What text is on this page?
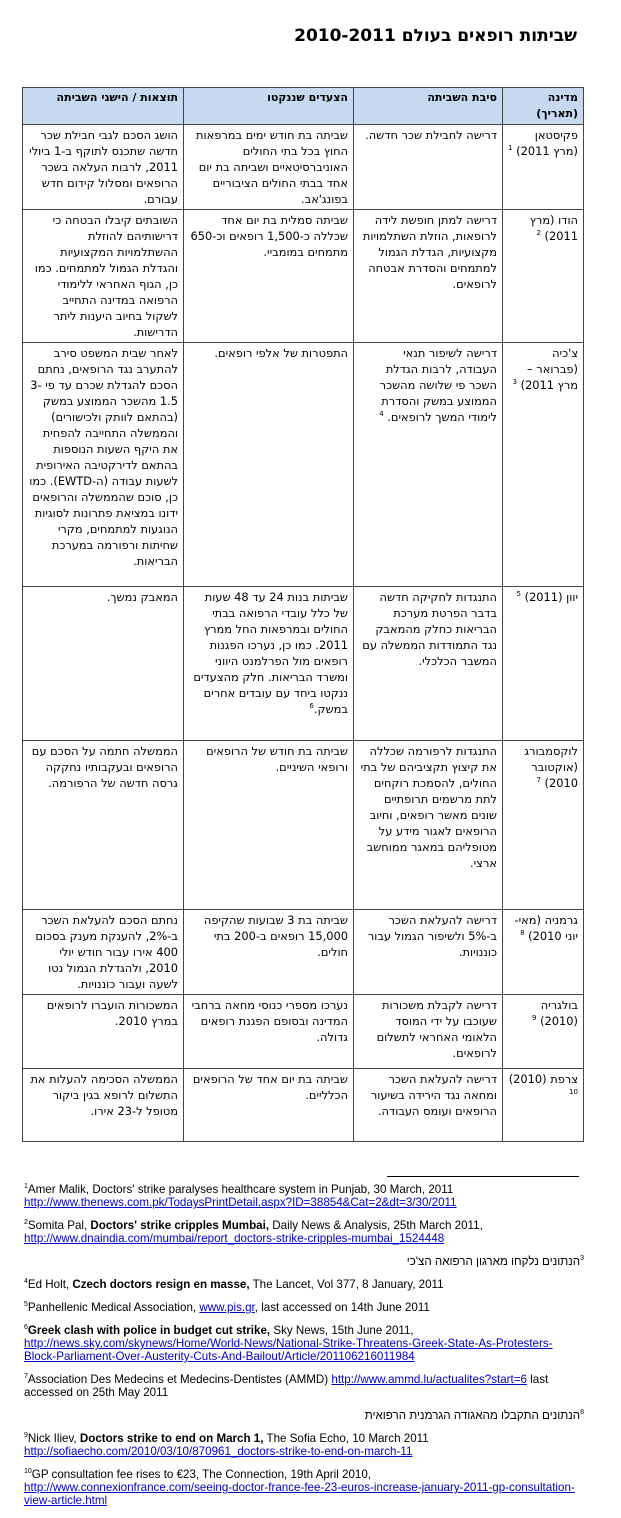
שביתות רופאים בעולם 2010-2011
מדינה (תאריך)	סיבת השביתה	הצעדים שננקטו	תוצאות / הישגי השביתה
פקיסטאן (מרץ 2011) $^1$	דרישה לחבילת שכר חדשה.	שביתה בת חודש ימים במרפאות החוץ בכל בתי החולים האוניברסיטאיים ושביתה בת יום אחד בבתי החולים הציבוריים בפונג'אב.	הושג הסכם לגבי חבילת שכר חדשה שתכנס לתוקף ב-1 ביולי 2011, לרבות העלאה בשכר הרופאים ומסלול קידום חדש עבורם.
הודו (מרץ 2011) $^2$	דרישה למתן חופשת לידה לרופאות, הוזלת השתלמויות מקצועיות, הגדלת הגמול למתמחים והסדרת אבטחה לרופאים.	שביתה סמלית בת יום אחד שכללה כ-1,500 רופאים וכ-650 מתמחים במומביי.	השובתים קיבלו הבטחה כי דרישותיהם להוזלת ההשתלמויות המקצועיות והגדלת הגמול למתמחים. כמו כן, הגוף האחראי ללימודי הרפואה במדינה התחייב לשקול בחיוב היענות ליתר הדרישות.
צ'כיה (פברואר – מרץ 2011) $^3$	דרישה לשיפור תנאי העבודה, לרבות הגדלת השכר פי שלושה מהשכר הממוצע במשק והסדרת לימודי המשך לרופאים. $^4$	התפטרות של אלפי רופאים.	לאחר שבית המשפט סירב להתערב נגד הרופאים, נחתם הסכם להגדלת שכרם עד פי 3-1.5 מהשכר הממוצע במשק (בהתאם לוותק ולכישורים) והממשלה התחייבה להפחית את היקף השעות הנוספות בהתאם לדירקטיבה האירופית לשעות עבודה (ה-EWTD). כמו כן, סוכם שהממשלה והרופאים ידונו במציאת פתרונות לסוגיות הנוגעות למתמחים, מקרי שחיתות ורפורמה במערכת הבריאות.
יוון (2011) $^5$	התנגדות לחקיקה חדשה בדבר הפרטת מערכת הבריאות כחלק מהמאבק נגד התמודדות הממשלה עם המשבר הכלכלי.	שביתות בנות 24 עד 48 שעות של כלל עובדי הרפואה בבתי החולים ובמרפאות החל ממרץ 2011. כמו כן, נערכו הפגנות רופאים מול הפרלמנט היווני ומשרד הבריאות. חלק מהצעדים ננקטו ביחד עם עובדים אחרים במשק.$^6$	המאבק נמשך.
לוקסמבורג (אוקטובר 2010) $^7$	התנגדות לרפורמה שכללה את קיצוץ תקציביהם של בתי החולים, להסמכת רוקחים לתת מרשמים תרופתיים שונים מאשר רופאים, וחיוב הרופאים לאגור מידע על מטופליהם במאגר ממוחשב ארצי.	שביתה בת חודש של הרופאים ורופאי השיניים.	הממשלה חתמה על הסכם עם הרופאים ובעקבותיו נחקקה גרסה חדשה של הרפורמה.
גרמניה (מאי- יוני 2010) $^8$	דרישה להעלאת השכר ב-5% ולשיפור הגמול עבור כוננויות.	שביתה בת 3 שבועות שהקיפה 15,000 רופאים ב-200 בתי חולים.	נחתם הסכם להעלאת השכר ב-2%, להענקת מענק בסכום 400 אירו עבור חודש יולי 2010, ולהגדלת הגמול נטו לשעה ועבור כוננויות.
בולגריה (2010) $^9$	דרישה לקבלת משכורות שעוכבו על ידי המוסד הלאומי האחראי לתשלום לרופאים.	נערכו מספרי כנוסי מחאה ברחבי המדינה ובסופם הפגנת רופאים גדולה.	המשכורות הועברו לרופאים במרץ 2010.
צרפת (2010) $^{10}$	דרישה להעלאת השכר ומחאה נגד הירידה בשיעור הרופאים ועומס העבודה.	שביתה בת יום אחד של הרופאים הכלליים.	הממשלה הסכימה להעלות את התשלום לרופא בגין ביקור מטופל ל-23 אירו.
$^1$Amer Malik, Doctors' strike paralyses healthcare system in Punjab, 30 March, 2011
http://www.thenews.com.pk/TodaysPrintDetail.aspx?ID=38854&Cat=2&dt=3/30/2011
$^2$Somita Pal, Doctors' strike cripples Mumbai, Daily News & Analysis, 25th March 2011,
http://www.dnaindia.com/mumbai/report_doctors-strike-cripples-mumbai_1524448
$^3$הנתונים נלקחו מארגון הרפואה הצ'כי
$^4$Ed Holt, Czech doctors resign en masse, The Lancet, Vol 377, 8 January, 2011
$^5$Panhellenic Medical Association, www.pis.gr, last accessed on 14th June 2011
$^6$Greek clash with police in budget cut strike, Sky News, 15th June 2011,
http://news.sky.com/skynews/Home/World-News/National-Strike-Threatens-Greek-State-As-Protesters-Block-Parliament-Over-Austerity-Cuts-And-Bailout/Article/201106216011984
$^7$Association Des Medecins et Medecins-Dentistes (AMMD) http://www.ammd.lu/actualites?start=6 last accessed on 25th May 2011
$^8$הנתונים התקבלו מהאגודה הגרמנית הרפואית
$^9$Nick Iliev, Doctors strike to end on March 1, The Sofia Echo, 10 March 2011
http://sofiaecho.com/2010/03/10/870961_doctors-strike-to-end-on-march-11
$^{10}$GP consultation fee rises to €23, The Connection, 19th April 2010,
http://www.connexionfrance.com/seeing-doctor-france-fee-23-euros-increase-january-2011-gp-consultation-view-article.html
